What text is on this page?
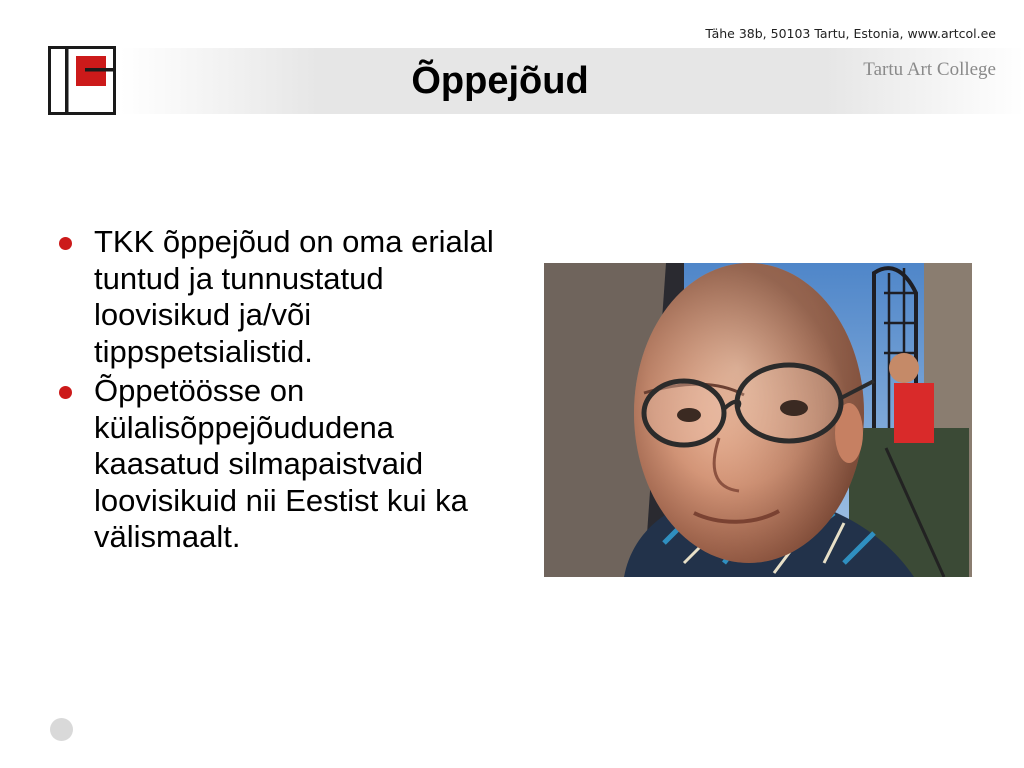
Tähe 38b, 50103 Tartu, Estonia, www.artcol.ee
Tartu Art College
Õppejõud
TKK õppejõud on oma erialal tuntud ja tunnustatud loovisikud ja/või tippspetsialistid.
Õppetöösse on külalisõppejõududena kaasatud silmapaistvaid loovisikuid nii Eestist kui ka välismaalt.
